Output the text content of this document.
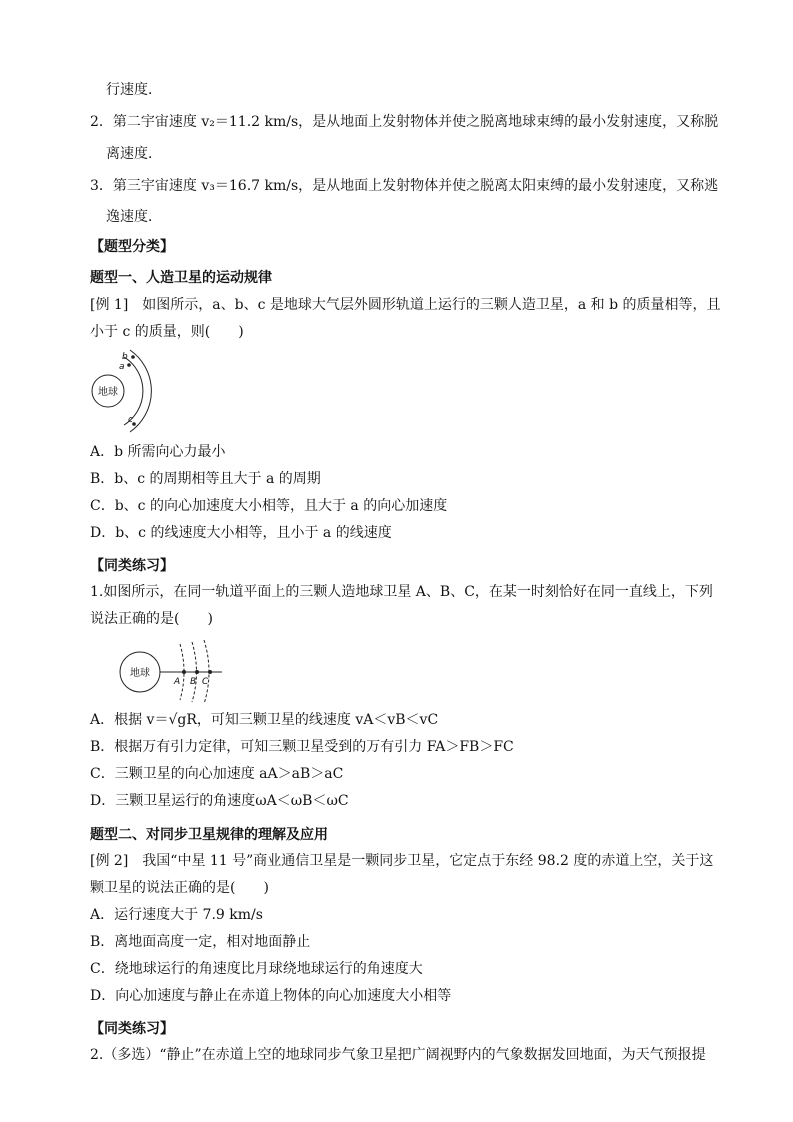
行速度．
2．第二宇宙速度 v₂＝11.2 km/s，是从地面上发射物体并使之脱离地球束缚的最小发射速度，又称脱
离速度．
3．第三宇宙速度 v₃＝16.7 km/s，是从地面上发射物体并使之脱离太阳束缚的最小发射速度，又称逃
逸速度．
【题型分类】
题型一、人造卫星的运动规律
[例 1]　如图所示，a、b、c 是地球大气层外圆形轨道上运行的三颗人造卫星，a 和 b 的质量相等，且
小于 c 的质量，则(　　)
地球
a
b
c
A．b 所需向心力最小
B．b、c 的周期相等且大于 a 的周期
C．b、c 的向心加速度大小相等，且大于 a 的向心加速度
D．b、c 的线速度大小相等，且小于 a 的线速度
【同类练习】
1.如图所示，在同一轨道平面上的三颗人造地球卫星 A、B、C，在某一时刻恰好在同一直线上，下列
说法正确的是(　　)
地球
A B C
A．根据 v＝√gR，可知三颗卫星的线速度 vA＜vB＜vC
B．根据万有引力定律，可知三颗卫星受到的万有引力 FA＞FB＞FC
C．三颗卫星的向心加速度 aA＞aB＞aC
D．三颗卫星运行的角速度ωA＜ωB＜ωC
题型二、对同步卫星规律的理解及应用
[例 2]　我国“中星 11 号”商业通信卫星是一颗同步卫星，它定点于东经 98.2 度的赤道上空，关于这
颗卫星的说法正确的是(　　)
A．运行速度大于 7.9 km/s
B．离地面高度一定，相对地面静止
C．绕地球运行的角速度比月球绕地球运行的角速度大
D．向心加速度与静止在赤道上物体的向心加速度大小相等
【同类练习】
2.（多选）“静止”在赤道上空的地球同步气象卫星把广阔视野内的气象数据发回地面，为天气预报提
